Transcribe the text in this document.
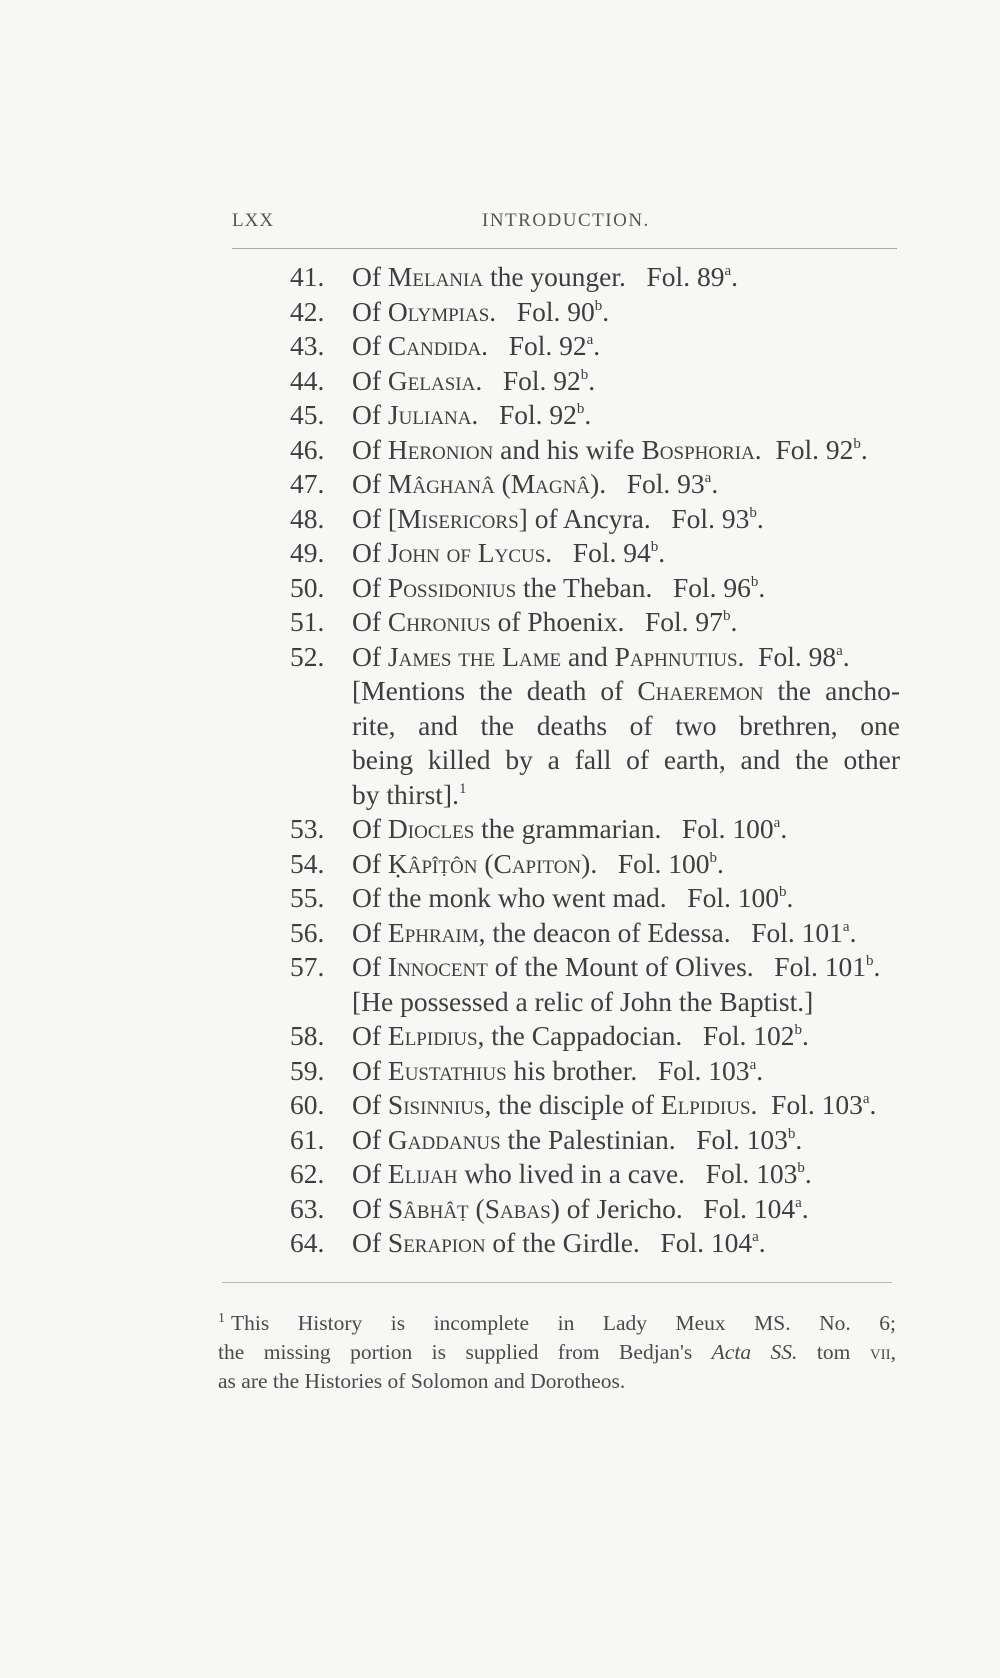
LXX	INTRODUCTION.
41. Of Melania the younger.   Fol. 89$^a$.
42. Of Olympias.   Fol. 90$^b$.
43. Of Candida.   Fol. 92$^a$.
44. Of Gelasia.   Fol. 92$^b$.
45. Of Juliana.   Fol. 92$^b$.
46. Of Heronion and his wife Bosphoria.  Fol. 92$^b$.
47. Of Mâghanâ (Magnâ).   Fol. 93$^a$.
48. Of [Misericors] of Ancyra.   Fol. 93$^b$.
49. Of John of Lycus.   Fol. 94$^b$.
50. Of Possidonius the Theban.   Fol. 96$^b$.
51. Of Chronius of Phoenix.   Fol. 97$^b$.
52. Of James the Lame and Paphnutius.  Fol. 98$^a$.
[Mentions the death of Chaeremon the ancho-
rite, and the deaths of two brethren, one
being killed by a fall of earth, and the other
by thirst].$^1$
53. Of Diocles the grammarian.   Fol. 100$^a$.
54. Of Ḳâpîṭôn (Capiton).   Fol. 100$^b$.
55. Of the monk who went mad.   Fol. 100$^b$.
56. Of Ephraim, the deacon of Edessa.   Fol. 101$^a$.
57. Of Innocent of the Mount of Olives.   Fol. 101$^b$.
[He possessed a relic of John the Baptist.]
58. Of Elpidius, the Cappadocian.   Fol. 102$^b$.
59. Of Eustathius his brother.   Fol. 103$^a$.
60. Of Sisinnius, the disciple of Elpidius.  Fol. 103$^a$.
61. Of Gaddanus the Palestinian.   Fol. 103$^b$.
62. Of Elijah who lived in a cave.   Fol. 103$^b$.
63. Of Sâbhâṭ (Sabas) of Jericho.   Fol. 104$^a$.
64. Of Serapion of the Girdle.   Fol. 104$^a$.
$^1$ This History is incomplete in Lady Meux MS. No. 6;
the missing portion is supplied from Bedjan's Acta SS. tom vii,
as are the Histories of Solomon and Dorotheos.
